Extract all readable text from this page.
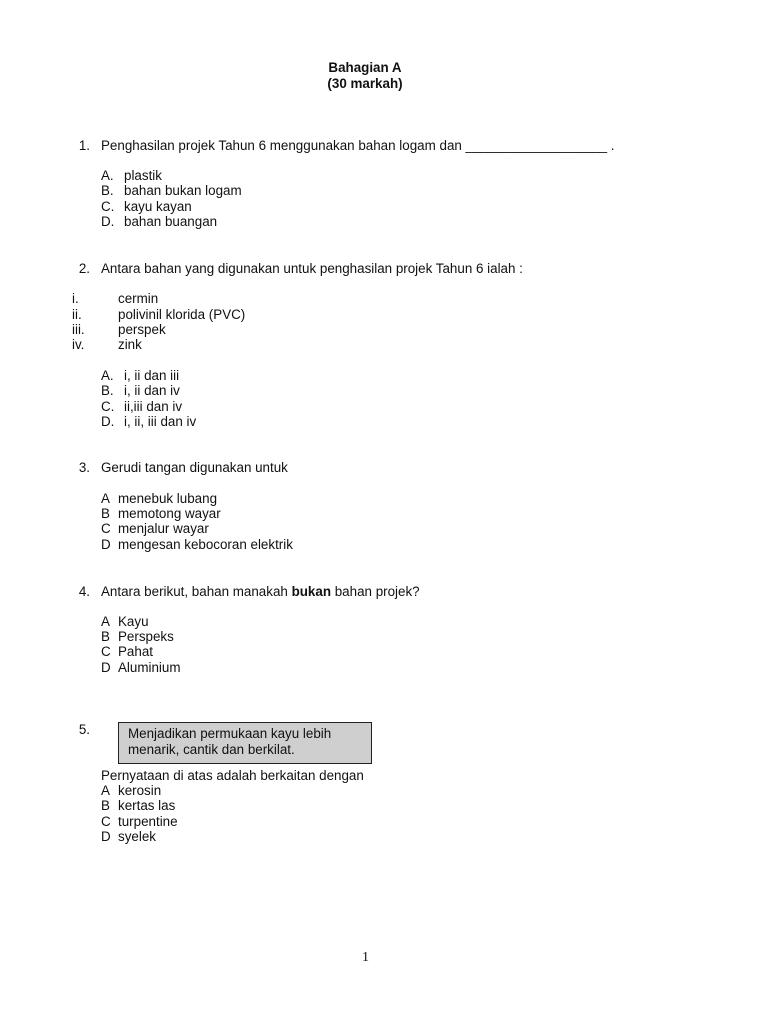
Bahagian A
(30 markah)
1. Penghasilan projek Tahun 6 menggunakan bahan logam dan ___________________ .
A. plastik
B. bahan bukan logam
C. kayu kayan
D. bahan buangan
2. Antara bahan yang digunakan untuk penghasilan projek Tahun 6 ialah :
i.	cermin
ii.	polivinil klorida (PVC)
iii. perspek
iv.	zink
A. i, ii dan iii
B. i, ii dan iv
C. ii,iii dan iv
D. i, ii, iii dan iv
3. Gerudi tangan digunakan untuk
A menebuk lubang
B memotong wayar
C menjalur wayar
D mengesan kebocoran elektrik
4. Antara berikut, bahan manakah bukan bahan projek?
A Kayu
B Perspeks
C Pahat
D Aluminium
5.	Menjadikan permukaan kayu lebih menarik, cantik dan berkilat.
Pernyataan di atas adalah berkaitan dengan
A kerosin
B kertas las
C turpentine
D syelek
1
